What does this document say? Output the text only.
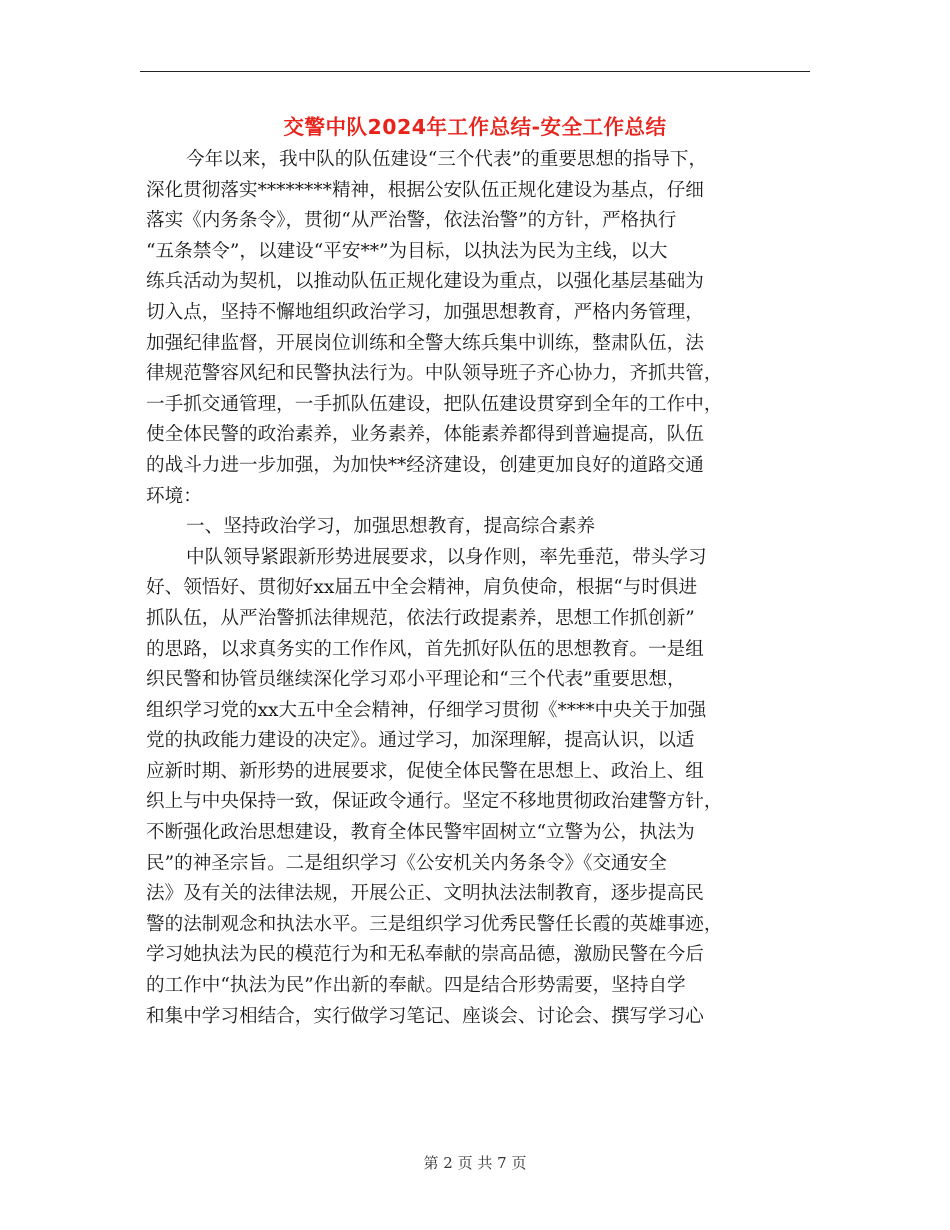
交警中队2024年工作总结-安全工作总结
今年以来，我中队的队伍建设“三个代表”的重要思想的指导下，
深化贯彻落实********精神，根据公安队伍正规化建设为基点，仔细
落实《内务条令》，贯彻“从严治警，依法治警”的方针，严格执行
“五条禁令”，以建设“平安**”为目标，以执法为民为主线，以大
练兵活动为契机，以推动队伍正规化建设为重点，以强化基层基础为
切入点，坚持不懈地组织政治学习，加强思想教育，严格内务管理，
加强纪律监督，开展岗位训练和全警大练兵集中训练，整肃队伍，法
律规范警容风纪和民警执法行为。中队领导班子齐心协力，齐抓共管，
一手抓交通管理，一手抓队伍建设，把队伍建设贯穿到全年的工作中，
使全体民警的政治素养，业务素养，体能素养都得到普遍提高，队伍
的战斗力进一步加强，为加快**经济建设，创建更加良好的道路交通
环境：
一、坚持政治学习，加强思想教育，提高综合素养
中队领导紧跟新形势进展要求，以身作则，率先垂范，带头学习
好、领悟好、贯彻好xx届五中全会精神，肩负使命，根据“与时俱进
抓队伍，从严治警抓法律规范，依法行政提素养，思想工作抓创新”
的思路，以求真务实的工作作风，首先抓好队伍的思想教育。一是组
织民警和协管员继续深化学习邓小平理论和“三个代表”重要思想，
组织学习党的xx大五中全会精神，仔细学习贯彻《****中央关于加强
党的执政能力建设的决定》。通过学习，加深理解，提高认识，以适
应新时期、新形势的进展要求，促使全体民警在思想上、政治上、组
织上与中央保持一致，保证政令通行。坚定不移地贯彻政治建警方针，
不断强化政治思想建设，教育全体民警牢固树立“立警为公，执法为
民”的神圣宗旨。二是组织学习《公安机关内务条令》《交通安全
法》及有关的法律法规，开展公正、文明执法法制教育，逐步提高民
警的法制观念和执法水平。三是组织学习优秀民警任长霞的英雄事迹，
学习她执法为民的模范行为和无私奉献的崇高品德，激励民警在今后
的工作中“执法为民”作出新的奉献。四是结合形势需要，坚持自学
和集中学习相结合，实行做学习笔记、座谈会、讨论会、撰写学习心
第 2 页 共 7 页
